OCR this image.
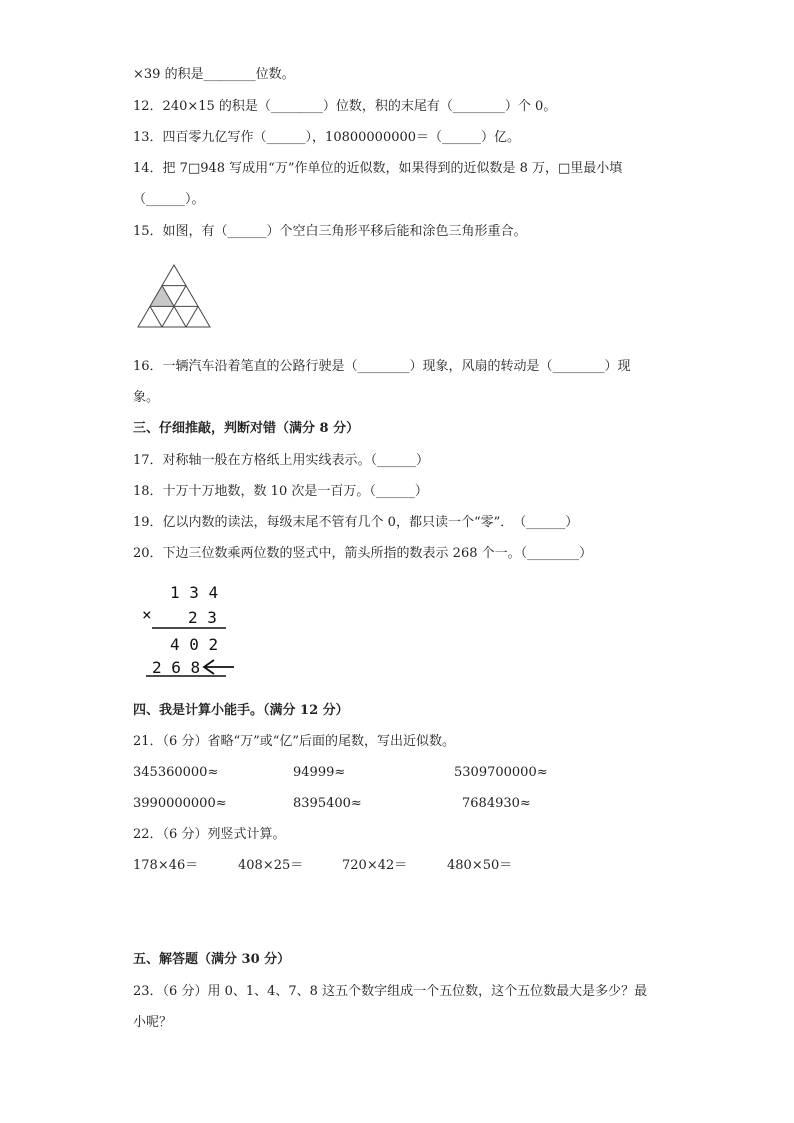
×39 的积是________位数。
12．240×15 的积是（________）位数，积的末尾有（________）个 0。
13．四百零九亿写作（______），10800000000＝（______）亿。
14．把 7□948 写成用“万”作单位的近似数，如果得到的近似数是 8 万，□里最小填
（______）。
15．如图，有（______）个空白三角形平移后能和涂色三角形重合。
16．一辆汽车沿着笔直的公路行驶是（________）现象，风扇的转动是（________）现
象。
三、仔细推敲，判断对错（满分 8 分）
17．对称轴一般在方格纸上用实线表示。（______）
18．十万十万地数，数 10 次是一百万。（______）
19．亿以内数的读法，每级末尾不管有几个 0，都只读一个“零”．　（______）
20．下边三位数乘两位数的竖式中，箭头所指的数表示 268 个一。（________）
1 3 4
× 2 3
4 0 2
2 6 8
四、我是计算小能手。（满分 12 分）
21．（6 分）省略“万”或“亿”后面的尾数，写出近似数。
345360000≈	94999≈	5309700000≈
3990000000≈	8395400≈	7684930≈
22．（6 分）列竖式计算。
178×46＝	408×25＝	720×42＝	480×50＝
五、解答题（满分 30 分）
23．（6 分）用 0、1、4、7、8 这五个数字组成一个五位数，这个五位数最大是多少？最
小呢？
